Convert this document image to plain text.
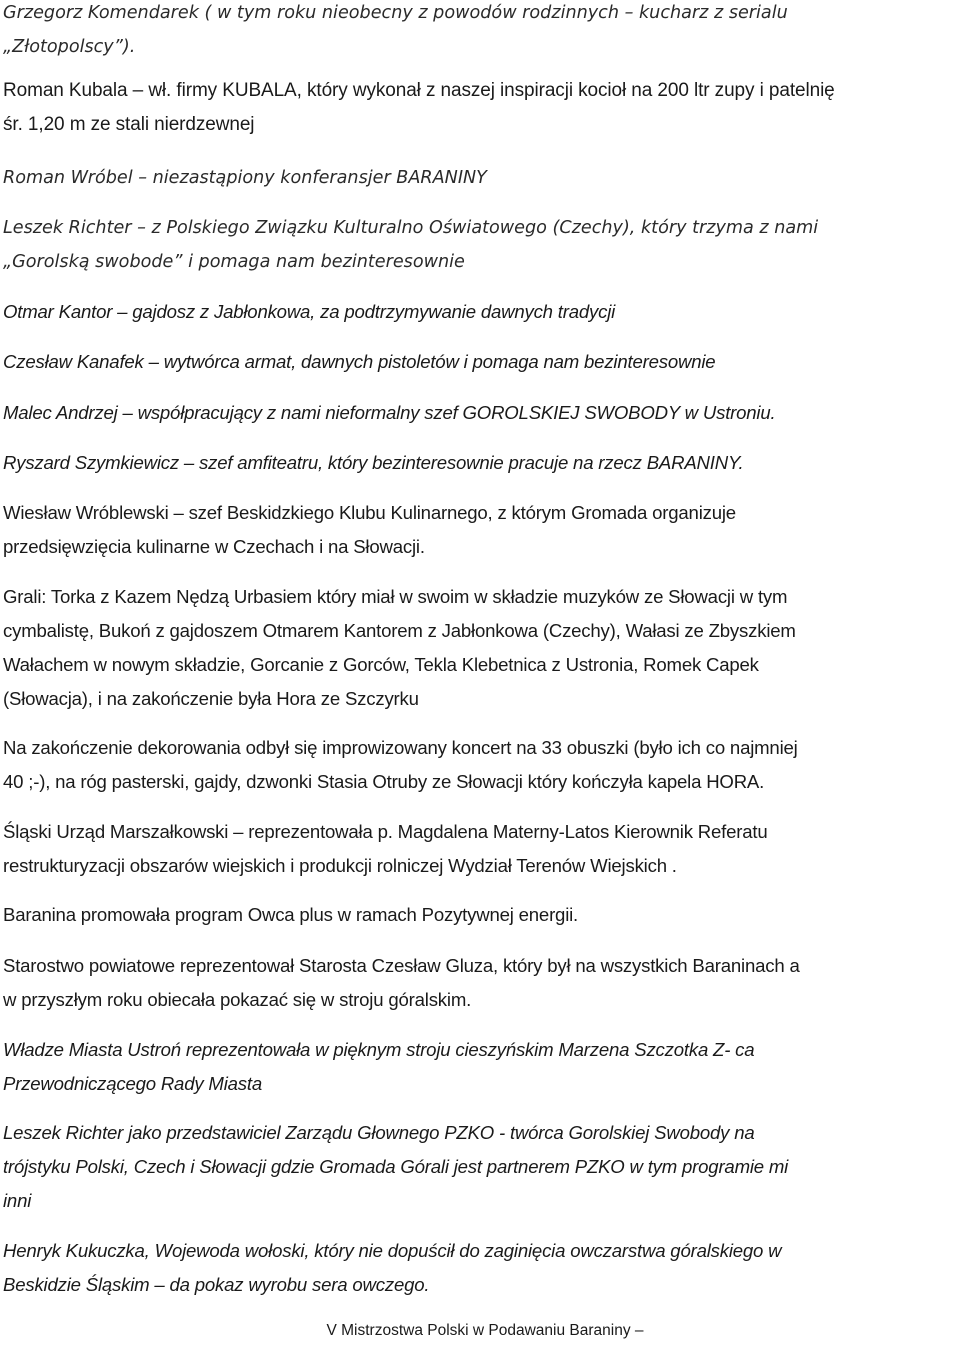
Grzegorz Komendarek ( w tym roku nieobecny z powodów rodzinnych – kucharz z serialu
„Złotopolscy”).
Roman Kubala – wł. firmy KUBALA, który wykonał z naszej inspiracji kocioł na 200 ltr zupy i patelnię
śr. 1,20 m ze stali nierdzewnej
Roman Wróbel – niezastąpiony konferansjer BARANINY
Leszek Richter – z Polskiego Związku Kulturalno Oświatowego (Czechy), który trzyma z nami
„Gorolską swobode” i pomaga nam bezinteresownie
Otmar Kantor – gajdosz z Jabłonkowa, za podtrzymywanie dawnych tradycji
Czesław Kanafek – wytwórca armat, dawnych pistoletów i pomaga nam bezinteresownie
Malec Andrzej – współpracujący z nami nieformalny szef GOROLSKIEJ SWOBODY w Ustroniu.
Ryszard Szymkiewicz – szef amfiteatru, który bezinteresownie pracuje na rzecz BARANINY.
Wiesław Wróblewski – szef Beskidzkiego Klubu Kulinarnego, z którym Gromada organizuje
przedsięwzięcia kulinarne w Czechach i na Słowacji.
Grali: Torka z Kazem Nędzą Urbasiem który miał w swoim w składzie muzyków ze Słowacji w tym
cymbalistę, Bukoń z gajdoszem Otmarem Kantorem z Jabłonkowa (Czechy), Wałasi ze Zbyszkiem
Wałachem w nowym składzie, Gorcanie z Gorców, Tekla Klebetnica z Ustronia, Romek Capek
(Słowacja), i na zakończenie była Hora ze Szczyrku
Na zakończenie dekorowania odbył się improwizowany koncert na 33 obuszki (było ich co najmniej
40 ;-), na róg pasterski, gajdy, dzwonki Stasia Otruby ze Słowacji który kończyła kapela HORA.
Śląski Urząd Marszałkowski – reprezentowała p. Magdalena Materny-Latos Kierownik Referatu
restrukturyzacji obszarów wiejskich i produkcji rolniczej Wydział Terenów Wiejskich .
Baranina promowała program Owca plus w ramach Pozytywnej energii.
Starostwo powiatowe reprezentował Starosta Czesław Gluza, który był na wszystkich Baraninach a
w przyszłym roku obiecała pokazać się w stroju góralskim.
Władze Miasta Ustroń reprezentowała w pięknym stroju cieszyńskim Marzena Szczotka Z- ca
Przewodniczącego Rady Miasta
Leszek Richter jako przedstawiciel Zarządu Głownego PZKO - twórca Gorolskiej Swobody na
trójstyku Polski, Czech i Słowacji gdzie Gromada Górali jest partnerem PZKO w tym programie mi
inni
Henryk Kukuczka, Wojewoda wołoski, który nie dopuścił do zaginięcia owczarstwa góralskiego w
Beskidzie Śląskim – da pokaz wyrobu sera owczego.
V Mistrzostwa Polski w Podawaniu Baraniny –
